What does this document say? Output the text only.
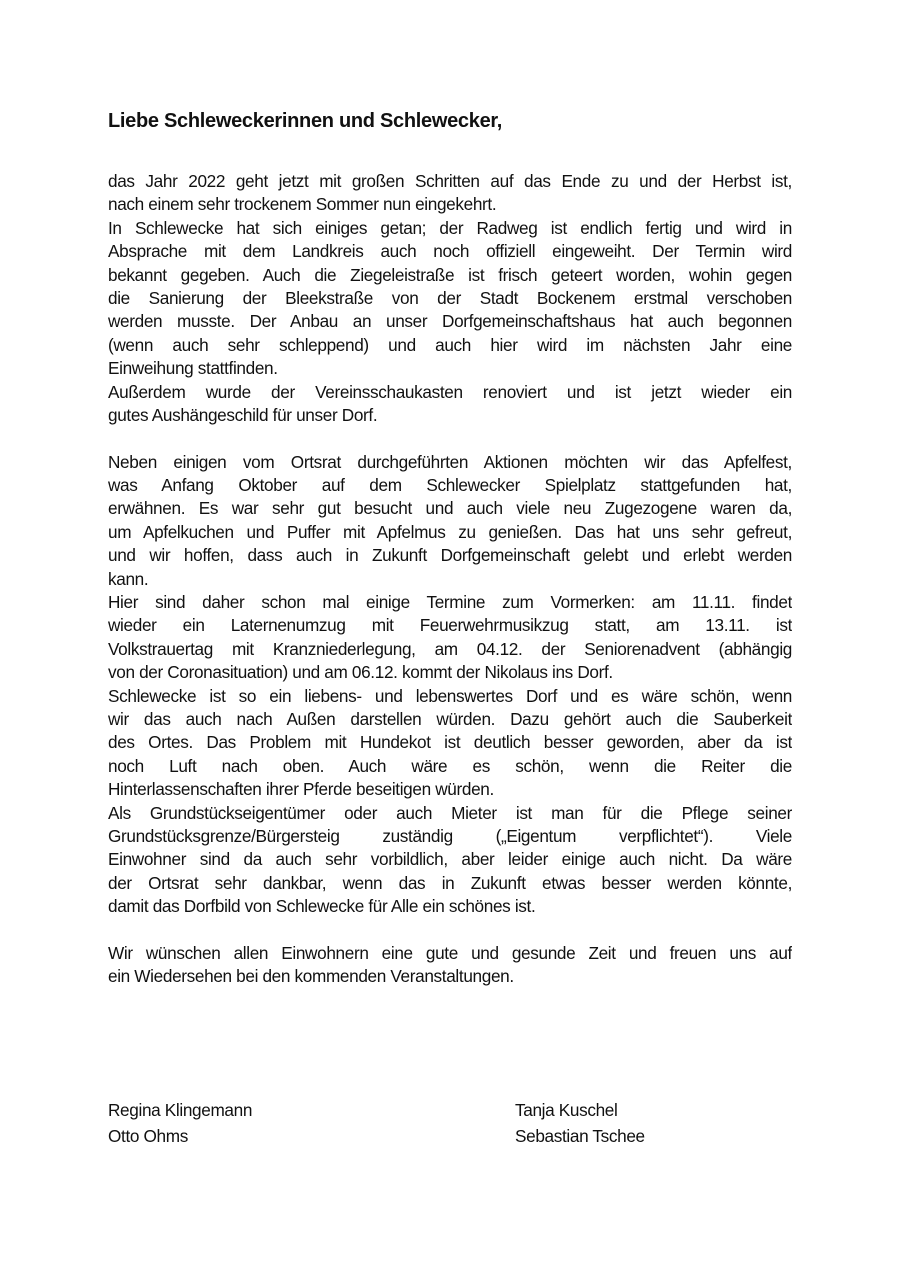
Liebe Schleweckerinnen und Schlewecker,
das Jahr 2022 geht jetzt mit großen Schritten auf das Ende zu und der Herbst ist,
nach einem sehr trockenem Sommer nun eingekehrt.
In Schlewecke hat sich einiges getan; der Radweg ist endlich fertig und wird in
Absprache mit dem Landkreis auch noch offiziell eingeweiht. Der Termin wird
bekannt gegeben. Auch die Ziegeleistraße ist frisch geteert worden, wohin gegen
die Sanierung der Bleekstraße von der Stadt Bockenem erstmal verschoben
werden musste. Der Anbau an unser Dorfgemeinschaftshaus hat auch begonnen
(wenn auch sehr schleppend) und auch hier wird im nächsten Jahr eine
Einweihung stattfinden.
Außerdem wurde der Vereinsschaukasten renoviert und ist jetzt wieder ein
gutes Aushängeschild für unser Dorf.
Neben einigen vom Ortsrat durchgeführten Aktionen möchten wir das Apfelfest,
was Anfang Oktober auf dem Schlewecker Spielplatz stattgefunden hat,
erwähnen. Es war sehr gut besucht und auch viele neu Zugezogene waren da,
um Apfelkuchen und Puffer mit Apfelmus zu genießen. Das hat uns sehr gefreut,
und wir hoffen, dass auch in Zukunft Dorfgemeinschaft gelebt und erlebt werden
kann.
Hier sind daher schon mal einige Termine zum Vormerken: am 11.11. findet
wieder ein Laternenumzug mit Feuerwehrmusikzug statt, am 13.11. ist
Volkstrauertag mit Kranzniederlegung, am 04.12. der Seniorenadvent (abhängig
von der Coronasituation) und am 06.12. kommt der Nikolaus ins Dorf.
Schlewecke ist so ein liebens- und lebenswertes Dorf und es wäre schön, wenn
wir das auch nach Außen darstellen würden. Dazu gehört auch die Sauberkeit
des Ortes. Das Problem mit Hundekot ist deutlich besser geworden, aber da ist
noch Luft nach oben. Auch wäre es schön, wenn die Reiter die
Hinterlassenschaften ihrer Pferde beseitigen würden.
Als Grundstückseigentümer oder auch Mieter ist man für die Pflege seiner
Grundstücksgrenze/Bürgersteig zuständig („Eigentum verpflichtet“). Viele
Einwohner sind da auch sehr vorbildlich, aber leider einige auch nicht. Da wäre
der Ortsrat sehr dankbar, wenn das in Zukunft etwas besser werden könnte,
damit das Dorfbild von Schlewecke für Alle ein schönes ist.
Wir wünschen allen Einwohnern eine gute und gesunde Zeit und freuen uns auf
ein Wiedersehen bei den kommenden Veranstaltungen.
Regina Klingemann
Otto Ohms
Tanja Kuschel
Sebastian Tschee
